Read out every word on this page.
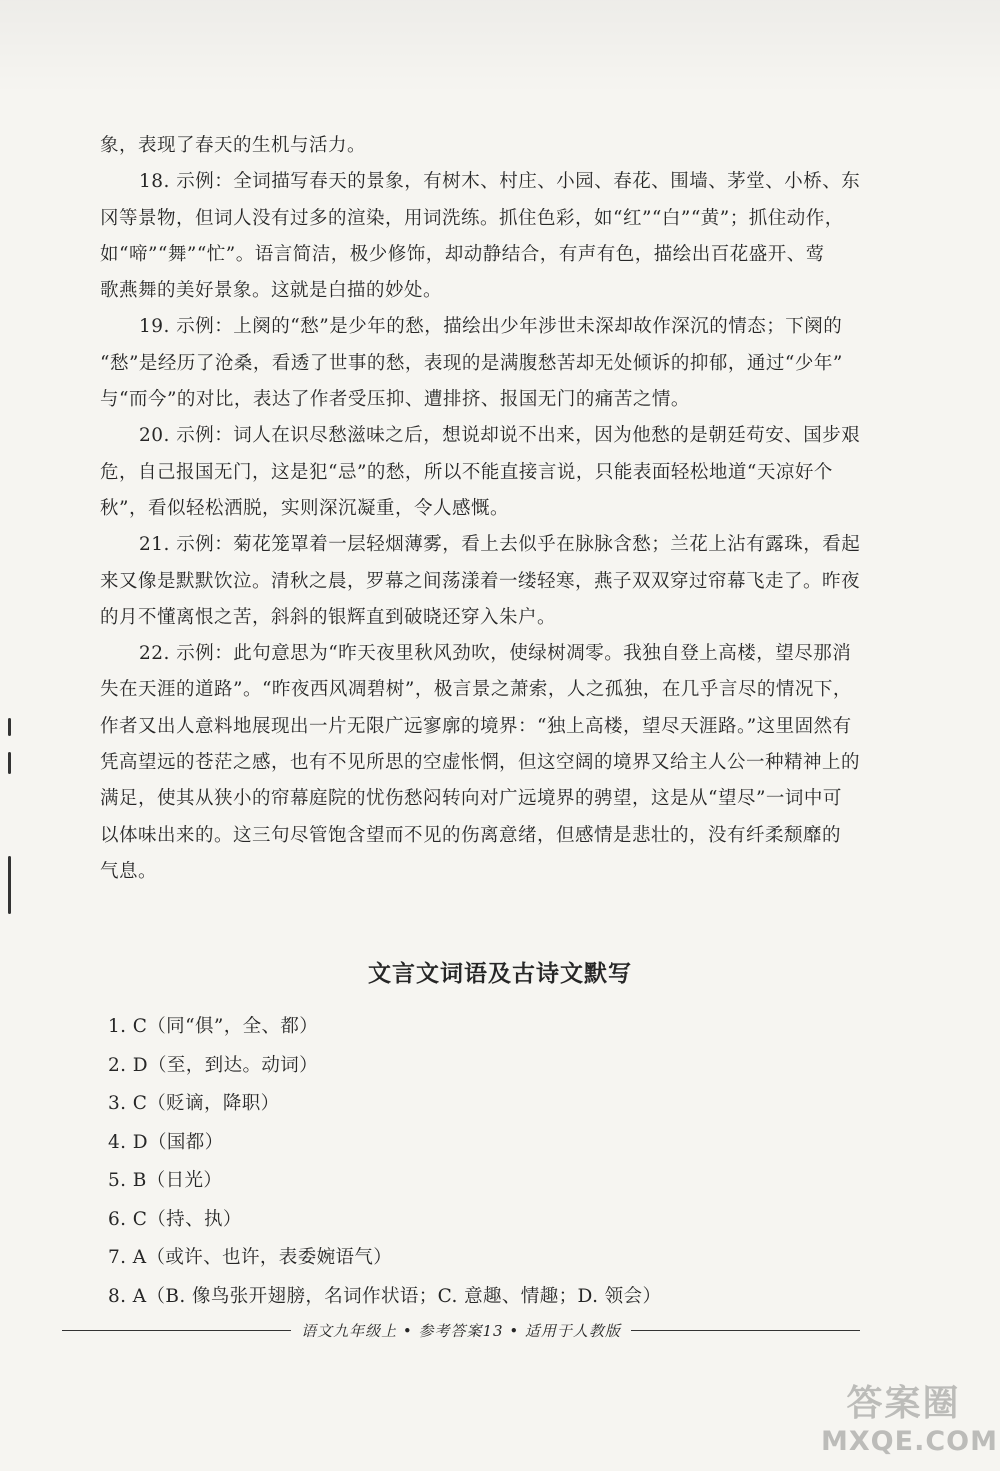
象，表现了春天的生机与活力。
18. 示例：全词描写春天的景象，有树木、村庄、小园、春花、围墙、茅堂、小桥、东
冈等景物，但词人没有过多的渲染，用词洗练。抓住色彩，如“红”“白”“黄”；抓住动作，
如“啼”“舞”“忙”。语言简洁，极少修饰，却动静结合，有声有色，描绘出百花盛开、莺
歌燕舞的美好景象。这就是白描的妙处。
19. 示例：上阕的“愁”是少年的愁，描绘出少年涉世未深却故作深沉的情态；下阕的
“愁”是经历了沧桑，看透了世事的愁，表现的是满腹愁苦却无处倾诉的抑郁，通过“少年”
与“而今”的对比，表达了作者受压抑、遭排挤、报国无门的痛苦之情。
20. 示例：词人在识尽愁滋味之后，想说却说不出来，因为他愁的是朝廷苟安、国步艰
危，自己报国无门，这是犯“忌”的愁，所以不能直接言说，只能表面轻松地道“天凉好个
秋”，看似轻松洒脱，实则深沉凝重，令人感慨。
21. 示例：菊花笼罩着一层轻烟薄雾，看上去似乎在脉脉含愁；兰花上沾有露珠，看起
来又像是默默饮泣。清秋之晨，罗幕之间荡漾着一缕轻寒，燕子双双穿过帘幕飞走了。昨夜
的月不懂离恨之苦，斜斜的银辉直到破晓还穿入朱户。
22. 示例：此句意思为“昨天夜里秋风劲吹，使绿树凋零。我独自登上高楼，望尽那消
失在天涯的道路”。“昨夜西风凋碧树”，极言景之萧索，人之孤独，在几乎言尽的情况下，
作者又出人意料地展现出一片无限广远寥廓的境界：“独上高楼，望尽天涯路。”这里固然有
凭高望远的苍茫之感，也有不见所思的空虚怅惘，但这空阔的境界又给主人公一种精神上的
满足，使其从狭小的帘幕庭院的忧伤愁闷转向对广远境界的骋望，这是从“望尽”一词中可
以体味出来的。这三句尽管饱含望而不见的伤离意绪，但感情是悲壮的，没有纤柔颓靡的
气息。
文言文词语及古诗文默写
1. C（同“俱”，全、都）
2. D（至，到达。动词）
3. C（贬谪，降职）
4. D（国都）
5. B（日光）
6. C（持、执）
7. A（或许、也许，表委婉语气）
8. A（B. 像鸟张开翅膀，名词作状语；C. 意趣、情趣；D. 领会）
语文九年级上 • 参考答案13 • 适用于人教版
答案圈
MXQE.COM
